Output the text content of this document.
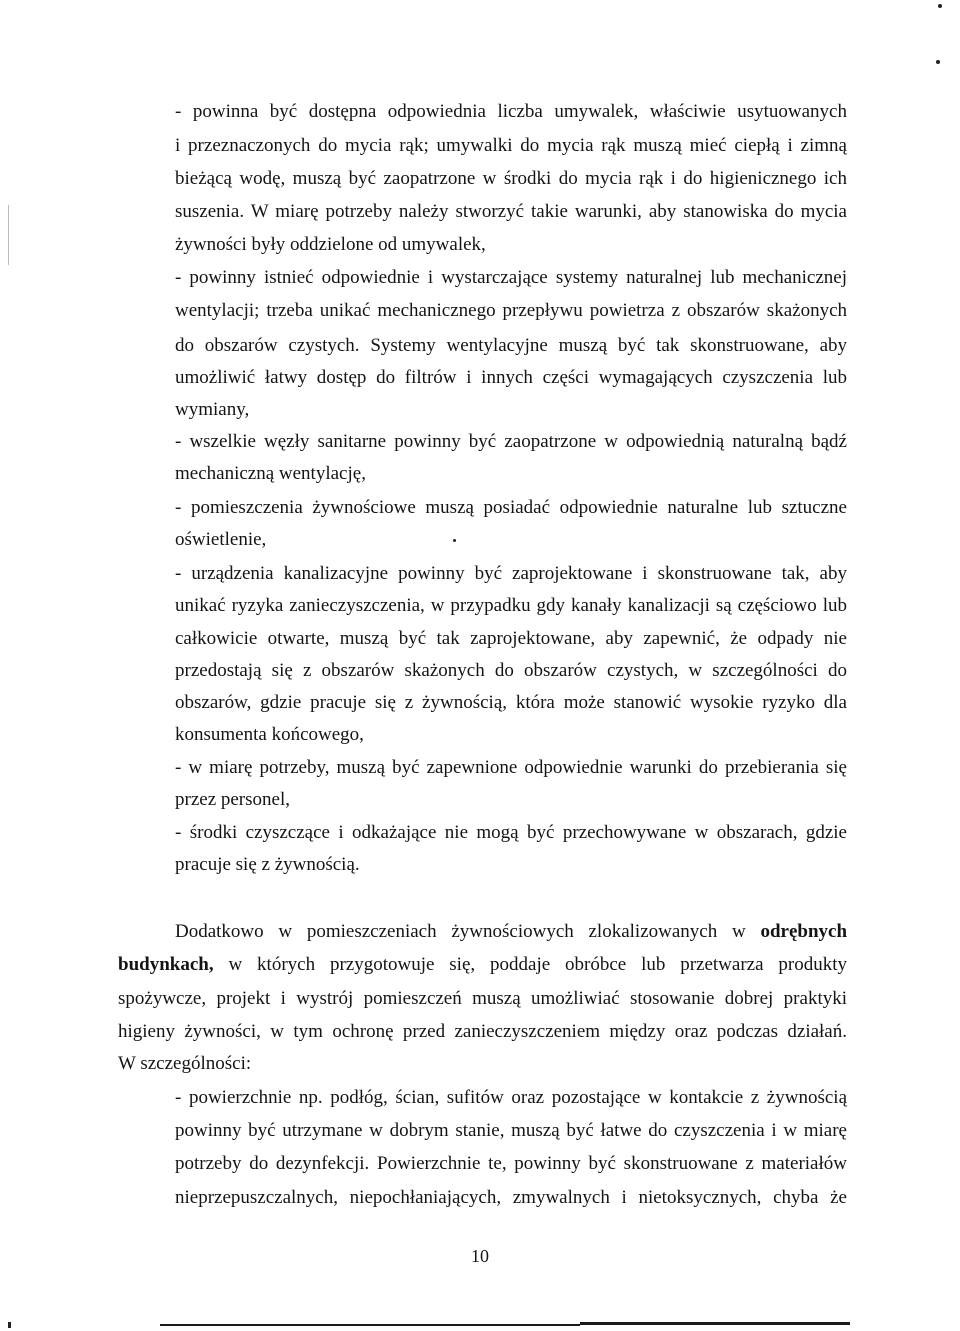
- powinna być dostępna odpowiednia liczba umywalek, właściwie usytuowanych
i przeznaczonych do mycia rąk; umywalki do mycia rąk muszą mieć ciepłą i zimną
bieżącą wodę, muszą być zaopatrzone w środki do mycia rąk i do higienicznego ich
suszenia. W miarę potrzeby należy stworzyć takie warunki, aby stanowiska do mycia
żywności były oddzielone od umywalek,
- powinny istnieć odpowiednie i wystarczające systemy naturalnej lub mechanicznej
wentylacji; trzeba unikać mechanicznego przepływu powietrza z obszarów skażonych
do obszarów czystych. Systemy wentylacyjne muszą być tak skonstruowane, aby
umożliwić łatwy dostęp do filtrów i innych części wymagających czyszczenia lub
wymiany,
- wszelkie węzły sanitarne powinny być zaopatrzone w odpowiednią naturalną bądź
mechaniczną wentylację,
- pomieszczenia żywnościowe muszą posiadać odpowiednie naturalne lub sztuczne
oświetlenie,
- urządzenia kanalizacyjne powinny być zaprojektowane i skonstruowane tak, aby
unikać ryzyka zanieczyszczenia, w przypadku gdy kanały kanalizacji są częściowo lub
całkowicie otwarte, muszą być tak zaprojektowane, aby zapewnić, że odpady nie
przedostają się z obszarów skażonych do obszarów czystych, w szczególności do
obszarów, gdzie pracuje się z żywnością, która może stanowić wysokie ryzyko dla
konsumenta końcowego,
- w miarę potrzeby, muszą być zapewnione odpowiednie warunki do przebierania się
przez personel,
- środki czyszczące i odkażające nie mogą być przechowywane w obszarach, gdzie
pracuje się z żywnością.
Dodatkowo w pomieszczeniach żywnościowych zlokalizowanych w odrębnych
budynkach, w których przygotowuje się, poddaje obróbce lub przetwarza produkty
spożywcze, projekt i wystrój pomieszczeń muszą umożliwiać stosowanie dobrej praktyki
higieny żywności, w tym ochronę przed zanieczyszczeniem między oraz podczas działań.
W szczególności:
- powierzchnie np. podłóg, ścian, sufitów oraz pozostające w kontakcie z żywnością
powinny być utrzymane w dobrym stanie, muszą być łatwe do czyszczenia i w miarę
potrzeby do dezynfekcji. Powierzchnie te, powinny być skonstruowane z materiałów
nieprzepuszczalnych, niepochłaniających, zmywalnych i nietoksycznych, chyba że
10
